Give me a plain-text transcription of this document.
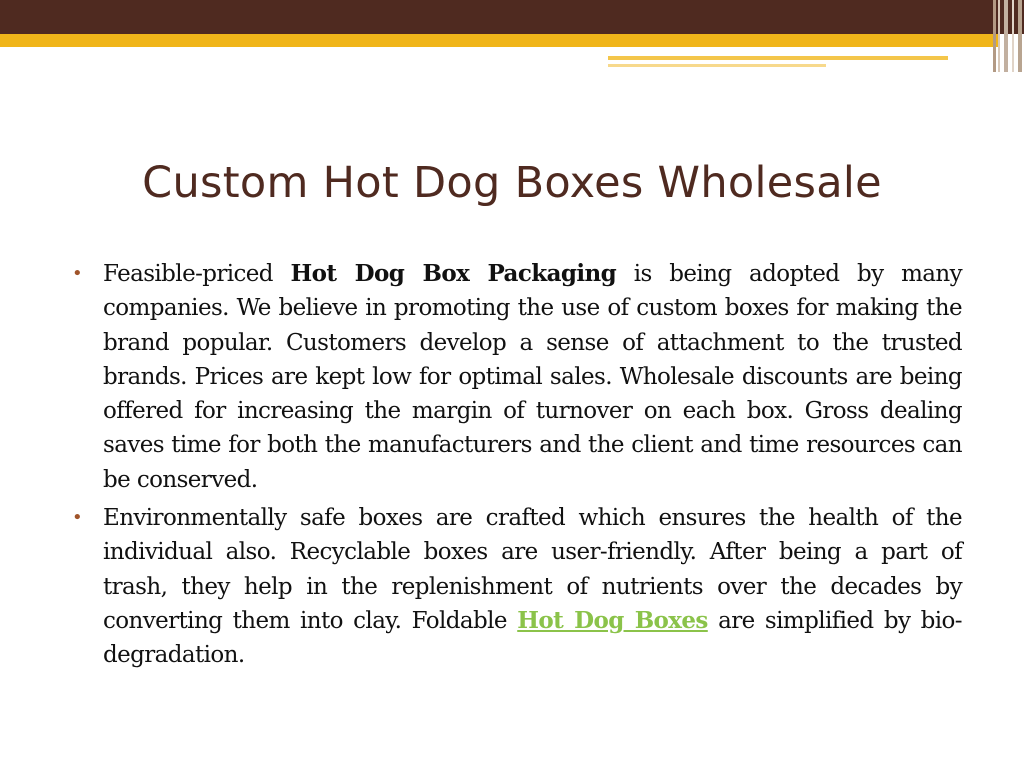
Custom Hot Dog Boxes Wholesale
• Feasible-priced Hot Dog Box Packaging is being adopted by many companies. We believe in promoting the use of custom boxes for making the brand popular. Customers develop a sense of attachment to the trusted brands. Prices are kept low for optimal sales. Wholesale discounts are being offered for increasing the margin of turnover on each box. Gross dealing saves time for both the manufacturers and the client and time resources can be conserved.
• Environmentally safe boxes are crafted which ensures the health of the individual also. Recyclable boxes are user-friendly. After being a part of trash, they help in the replenishment of nutrients over the decades by converting them into clay. Foldable Hot Dog Boxes are simplified by bio-degradation.
